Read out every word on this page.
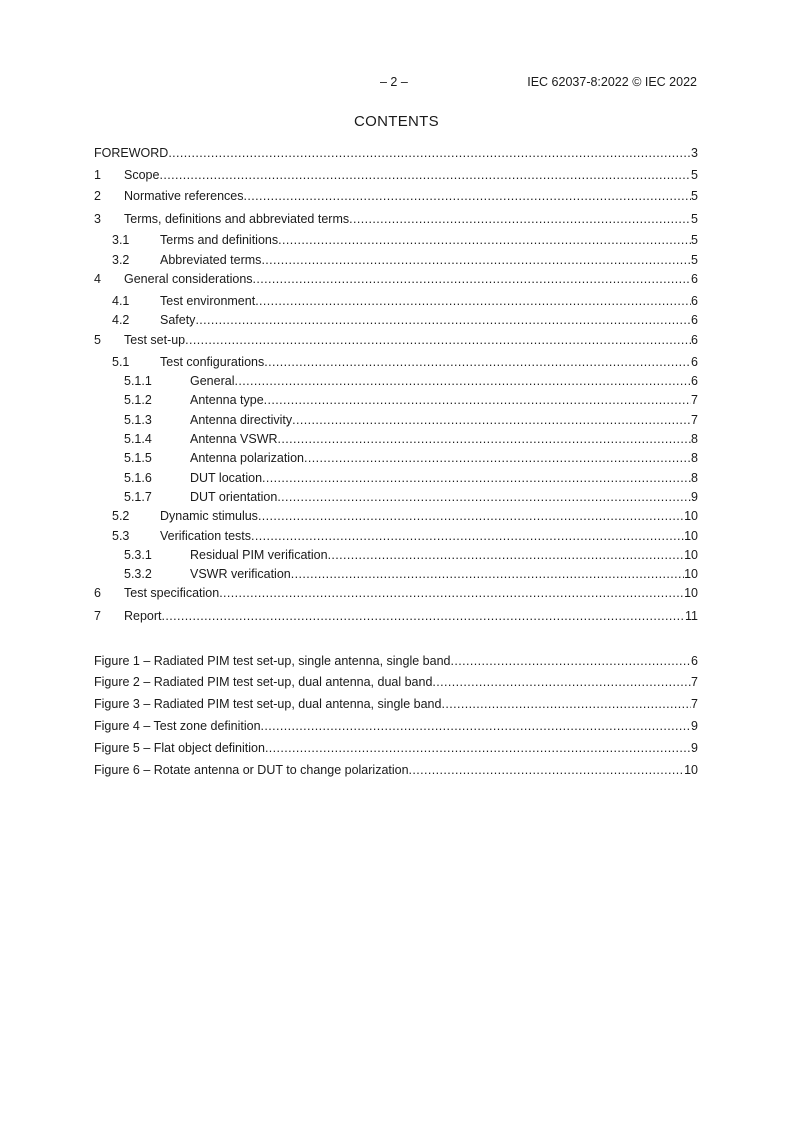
– 2 –	IEC 62037-8:2022 © IEC 2022
CONTENTS
FOREWORD .....	3
1 Scope .....	5
2 Normative references .....	5
3 Terms, definitions and abbreviated terms .....	5
3.1 Terms and definitions .....	5
3.2 Abbreviated terms .....	5
4 General considerations .....	6
4.1 Test environment .....	6
4.2 Safety .....	6
5 Test set-up .....	6
5.1 Test configurations .....	6
5.1.1	General .....	6
5.1.2	Antenna type .....	7
5.1.3	Antenna directivity .....	7
5.1.4	Antenna VSWR .....	8
5.1.5	Antenna polarization .....	8
5.1.6	DUT location .....	8
5.1.7	DUT orientation .....	9
5.2 Dynamic stimulus .....	10
5.3 Verification tests .....	10
5.3.1	Residual PIM verification .....	10
5.3.2	VSWR verification .....	10
6 Test specification .....	10
7 Report .....	11
Figure 1 – Radiated PIM test set-up, single antenna, single band .....	6
Figure 2 – Radiated PIM test set-up, dual antenna, dual band .....	7
Figure 3 – Radiated PIM test set-up, dual antenna, single band .....	7
Figure 4 – Test zone definition .....	9
Figure 5 – Flat object definition .....	9
Figure 6 – Rotate antenna or DUT to change polarization .....	10
